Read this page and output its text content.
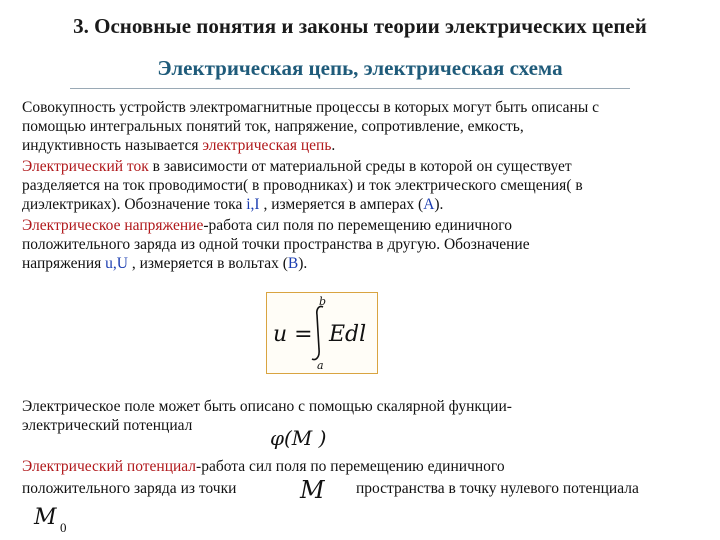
3. Основные понятия и законы теории электрических цепей
Электрическая цепь, электрическая схема

Совокупность устройств электромагнитные процессы в которых могут быть описаны с

помощью интегральных понятий ток, напряжение, сопротивление, емкость,

индуктивность называется электрическая цепь.

Электрический ток в зависимости от материальной среды в которой он существует

разделяется на ток проводимости( в проводниках) и ток электрического смещения( в

диэлектриках). Обозначение тока i,I , измеряется в амперах (А).

Электрическое напряжение-работа сил поля по перемещению единичного

положительного заряда из одной точки пространства в другую. Обозначение

напряжения u,U , измеряется в вольтах (В).

u =
b
a
Edl

Электрическое поле может быть описано с помощью скалярной функции-

электрический потенциал

φ(M )

Электрический потенциал-работа сил поля по перемещению единичного

положительного заряда из точки	пространства в точку нулевого потенциала

M
M 0
